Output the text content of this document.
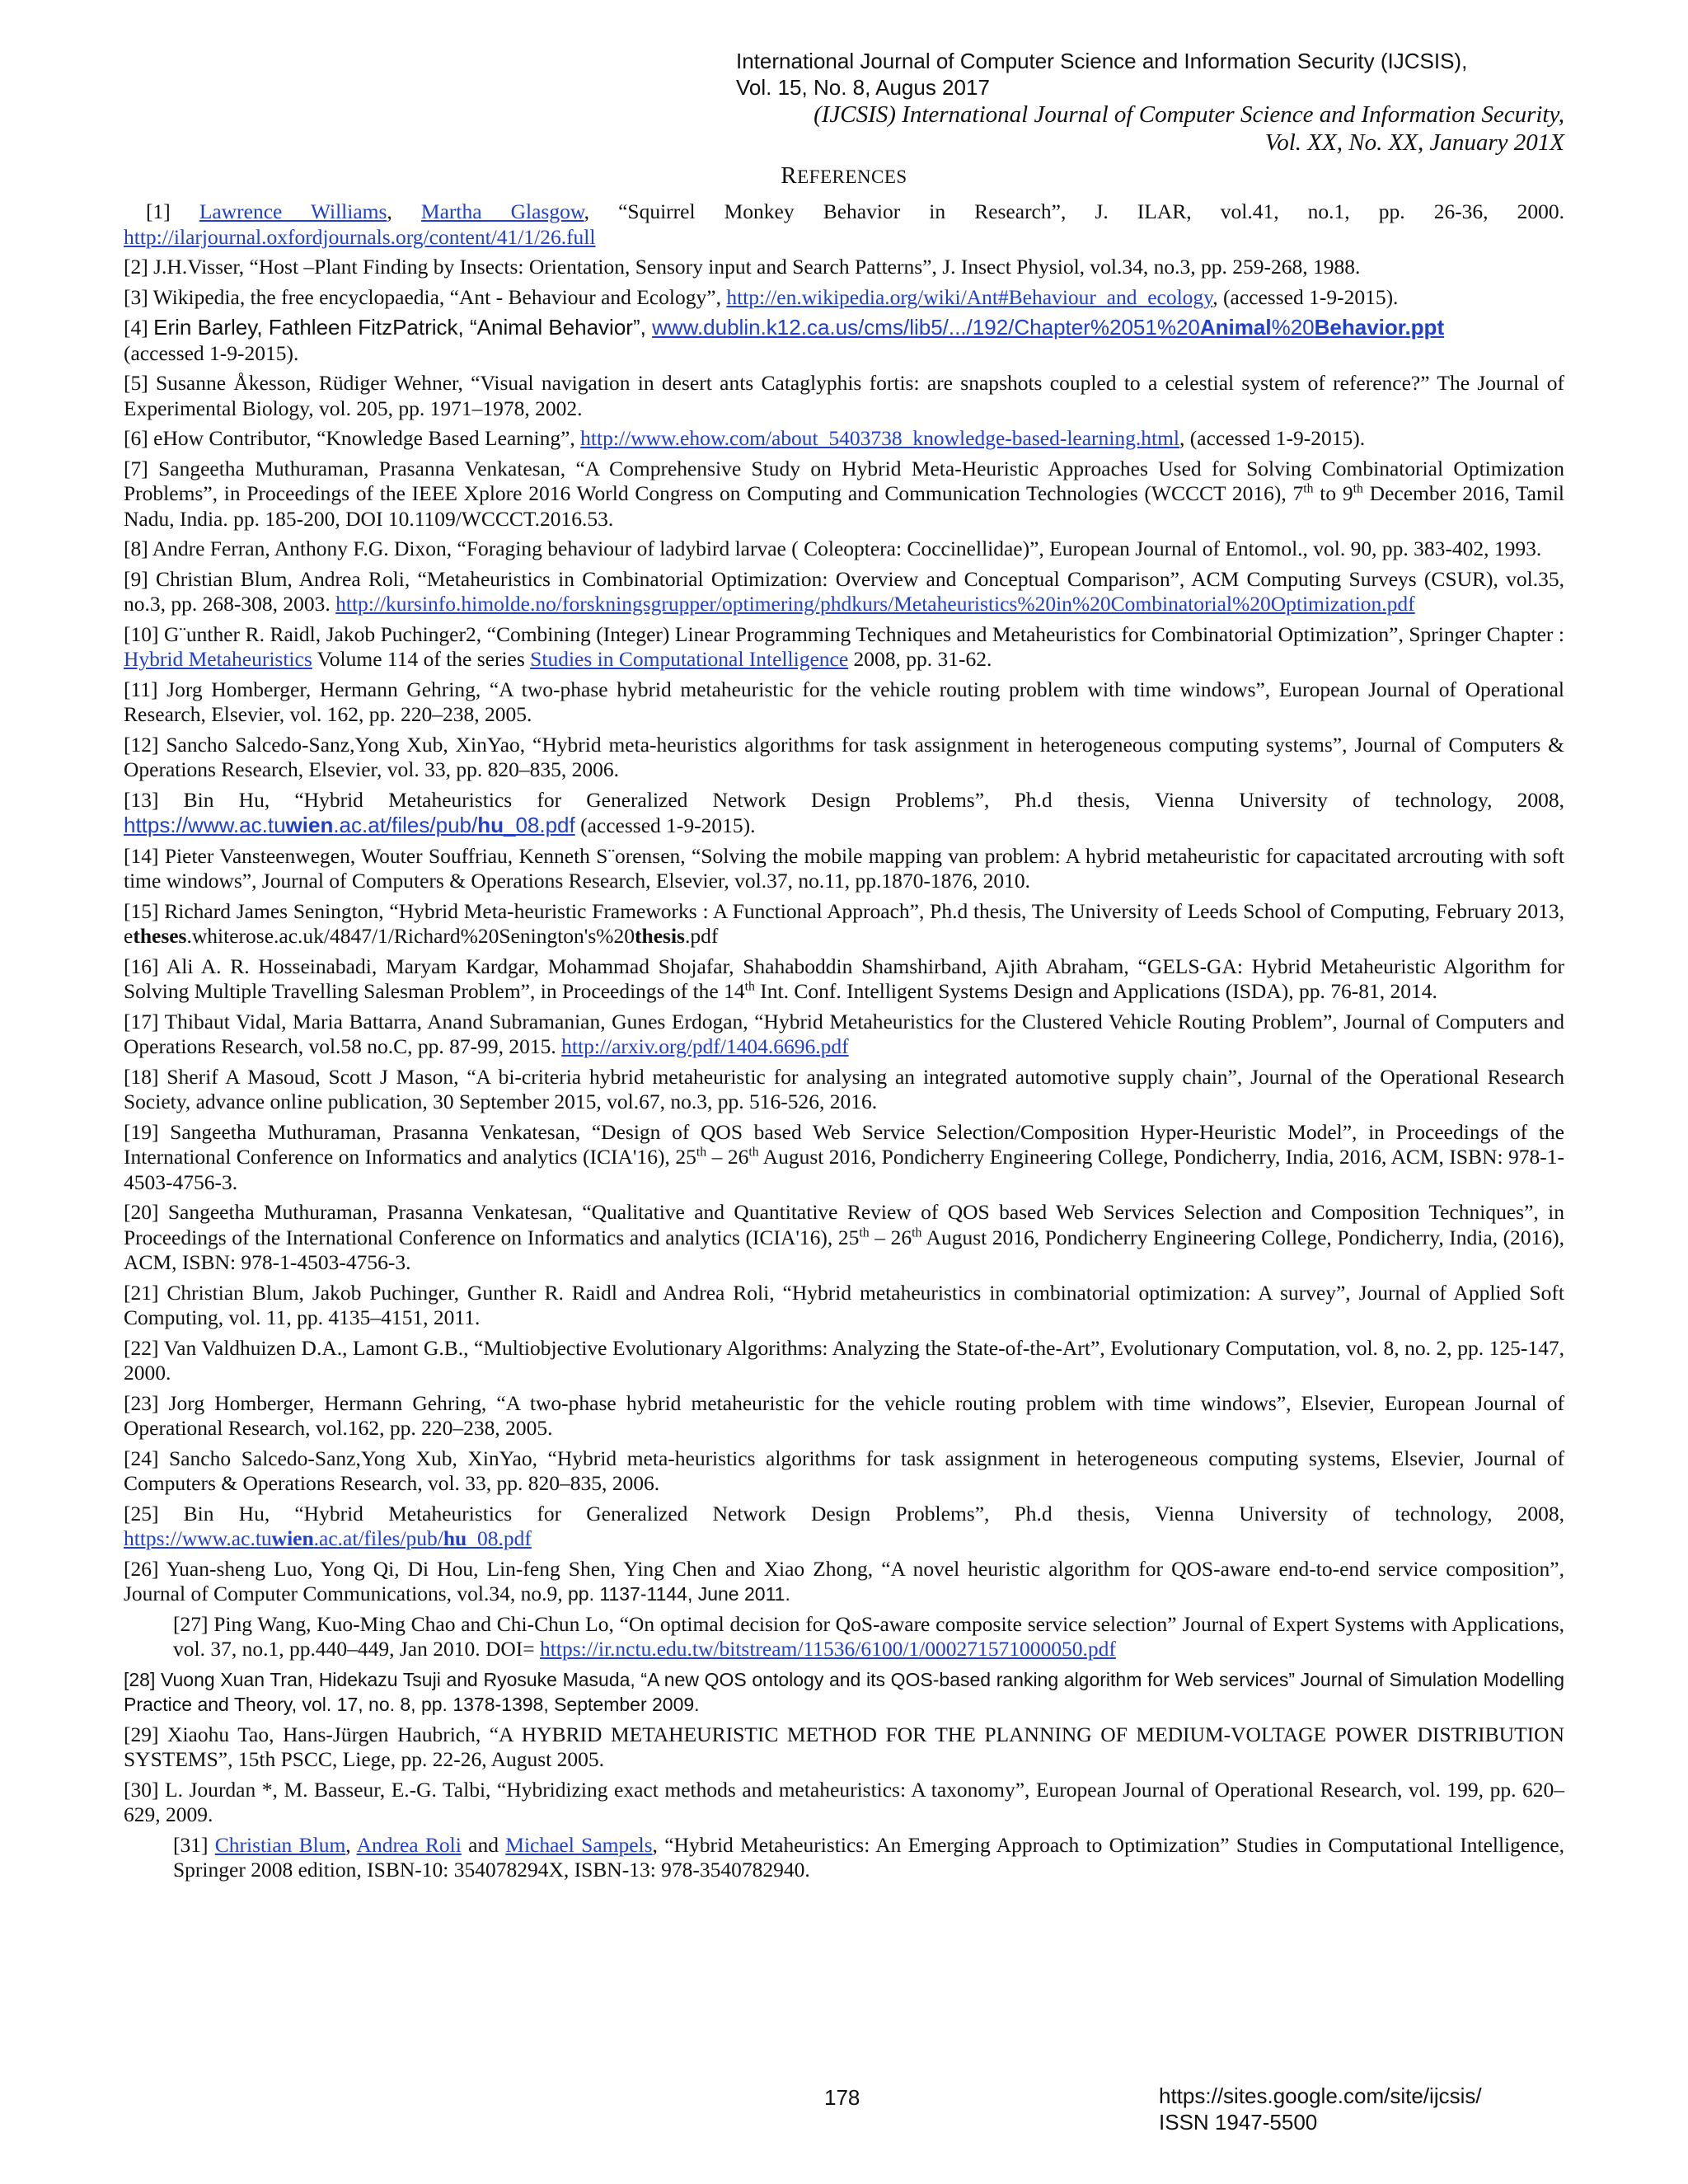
International Journal of Computer Science and Information Security (IJCSIS),
Vol. 15, No. 8, Augus 2017
(IJCSIS) International Journal of Computer Science and Information Security,
Vol. XX, No. XX, January 201X
REFERENCES
[1] Lawrence Williams, Martha Glasgow, “Squirrel Monkey Behavior in Research”, J. ILAR, vol.41, no.1, pp. 26-36, 2000. http://ilarjournal.oxfordjournals.org/content/41/1/26.full
[2] J.H.Visser, “Host –Plant Finding by Insects: Orientation, Sensory input and Search Patterns”, J. Insect Physiol, vol.34, no.3, pp. 259-268, 1988.
[3] Wikipedia, the free encyclopaedia, “Ant - Behaviour and Ecology”, http://en.wikipedia.org/wiki/Ant#Behaviour_and_ecology, (accessed 1-9-2015).
[4] Erin Barley, Fathleen FitzPatrick, “Animal Behavior”, www.dublin.k12.ca.us/cms/lib5/.../192/Chapter%2051%20Animal%20Behavior.ppt
(accessed 1-9-2015).
[5] Susanne Åkesson, Rüdiger Wehner, “Visual navigation in desert ants Cataglyphis fortis: are snapshots coupled to a celestial system of reference?” The Journal of Experimental Biology, vol. 205, pp. 1971–1978, 2002.
[6] eHow Contributor, “Knowledge Based Learning”, http://www.ehow.com/about_5403738_knowledge-based-learning.html, (accessed 1-9-2015).
[7] Sangeetha Muthuraman, Prasanna Venkatesan, “A Comprehensive Study on Hybrid Meta-Heuristic Approaches Used for Solving Combinatorial Optimization Problems”, in Proceedings of the IEEE Xplore 2016 World Congress on Computing and Communication Technologies (WCCCT 2016), 7th to 9th December 2016, Tamil Nadu, India. pp. 185-200, DOI 10.1109/WCCCT.2016.53.
[8] Andre Ferran, Anthony F.G. Dixon, “Foraging behaviour of ladybird larvae ( Coleoptera: Coccinellidae)”, European Journal of Entomol., vol. 90, pp. 383-402, 1993.
[9] Christian Blum, Andrea Roli, “Metaheuristics in Combinatorial Optimization: Overview and Conceptual Comparison”, ACM Computing Surveys (CSUR), vol.35, no.3, pp. 268-308, 2003. http://kursinfo.himolde.no/forskningsgrupper/optimering/phdkurs/Metaheuristics%20in%20Combinatorial%20Optimization.pdf
[10] G¨unther R. Raidl, Jakob Puchinger2, “Combining (Integer) Linear Programming Techniques and Metaheuristics for Combinatorial Optimization”, Springer Chapter : Hybrid Metaheuristics Volume 114 of the series Studies in Computational Intelligence 2008, pp. 31-62.
[11] Jorg Homberger, Hermann Gehring, “A two-phase hybrid metaheuristic for the vehicle routing problem with time windows”, European Journal of Operational Research, Elsevier, vol. 162, pp. 220–238, 2005.
[12] Sancho Salcedo-Sanz,Yong Xub, XinYao, “Hybrid meta-heuristics algorithms for task assignment in heterogeneous computing systems”, Journal of Computers & Operations Research, Elsevier, vol. 33, pp. 820–835, 2006.
[13] Bin Hu, “Hybrid Metaheuristics for Generalized Network Design Problems”, Ph.d thesis, Vienna University of technology, 2008, https://www.ac.tuwien.ac.at/files/pub/hu_08.pdf (accessed 1-9-2015).
[14] Pieter Vansteenwegen, Wouter Souffriau, Kenneth S¨orensen, “Solving the mobile mapping van problem: A hybrid metaheuristic for capacitated arcrouting with soft time windows”, Journal of Computers & Operations Research, Elsevier, vol.37, no.11, pp.1870-1876, 2010.
[15] Richard James Senington, “Hybrid Meta-heuristic Frameworks : A Functional Approach”, Ph.d thesis, The University of Leeds School of Computing, February 2013, etheses.whiterose.ac.uk/4847/1/Richard%20Senington's%20thesis.pdf
[16] Ali A. R. Hosseinabadi, Maryam Kardgar, Mohammad Shojafar, Shahaboddin Shamshirband, Ajith Abraham, “GELS-GA: Hybrid Metaheuristic Algorithm for Solving Multiple Travelling Salesman Problem”, in Proceedings of the 14th Int. Conf. Intelligent Systems Design and Applications (ISDA), pp. 76-81, 2014.
[17] Thibaut Vidal, Maria Battarra, Anand Subramanian, Gunes Erdogan, “Hybrid Metaheuristics for the Clustered Vehicle Routing Problem”, Journal of Computers and Operations Research, vol.58 no.C, pp. 87-99, 2015. http://arxiv.org/pdf/1404.6696.pdf
[18] Sherif A Masoud, Scott J Mason, “A bi-criteria hybrid metaheuristic for analysing an integrated automotive supply chain”, Journal of the Operational Research Society, advance online publication, 30 September 2015, vol.67, no.3, pp. 516-526, 2016.
[19] Sangeetha Muthuraman, Prasanna Venkatesan, “Design of QOS based Web Service Selection/Composition Hyper-Heuristic Model”, in Proceedings of the International Conference on Informatics and analytics (ICIA'16), 25th – 26th August 2016, Pondicherry Engineering College, Pondicherry, India, 2016, ACM, ISBN: 978-1-4503-4756-3.
[20] Sangeetha Muthuraman, Prasanna Venkatesan, “Qualitative and Quantitative Review of QOS based Web Services Selection and Composition Techniques”, in Proceedings of the International Conference on Informatics and analytics (ICIA'16), 25th – 26th August 2016, Pondicherry Engineering College, Pondicherry, India, (2016), ACM, ISBN: 978-1-4503-4756-3.
[21] Christian Blum, Jakob Puchinger, Gunther R. Raidl and Andrea Roli, “Hybrid metaheuristics in combinatorial optimization: A survey”, Journal of Applied Soft Computing, vol. 11, pp. 4135–4151, 2011.
[22] Van Valdhuizen D.A., Lamont G.B., “Multiobjective Evolutionary Algorithms: Analyzing the State-of-the-Art”, Evolutionary Computation, vol. 8, no. 2, pp. 125-147, 2000.
[23] Jorg Homberger, Hermann Gehring, “A two-phase hybrid metaheuristic for the vehicle routing problem with time windows”, Elsevier, European Journal of Operational Research, vol.162, pp. 220–238, 2005.
[24] Sancho Salcedo-Sanz,Yong Xub, XinYao, “Hybrid meta-heuristics algorithms for task assignment in heterogeneous computing systems, Elsevier, Journal of Computers & Operations Research, vol. 33, pp. 820–835, 2006.
[25] Bin Hu, “Hybrid Metaheuristics for Generalized Network Design Problems”, Ph.d thesis, Vienna University of technology, 2008, https://www.ac.tuwien.ac.at/files/pub/hu_08.pdf
[26] Yuan-sheng Luo, Yong Qi, Di Hou, Lin-feng Shen, Ying Chen and Xiao Zhong, “A novel heuristic algorithm for QOS-aware end-to-end service composition”, Journal of Computer Communications, vol.34, no.9, pp. 1137-1144, June 2011.
[27] Ping Wang, Kuo-Ming Chao and Chi-Chun Lo, “On optimal decision for QoS-aware composite service selection” Journal of Expert Systems with Applications, vol. 37, no.1, pp.440–449, Jan 2010. DOI= https://ir.nctu.edu.tw/bitstream/11536/6100/1/000271571000050.pdf
[28] Vuong Xuan Tran, Hidekazu Tsuji and Ryosuke Masuda, “A new QOS ontology and its QOS-based ranking algorithm for Web services” Journal of Simulation Modelling Practice and Theory, vol. 17, no. 8, pp. 1378-1398, September 2009.
[29] Xiaohu Tao, Hans-Jürgen Haubrich, “A HYBRID METAHEURISTIC METHOD FOR THE PLANNING OF MEDIUM-VOLTAGE POWER DISTRIBUTION SYSTEMS”, 15th PSCC, Liege, pp. 22-26, August 2005.
[30] L. Jourdan *, M. Basseur, E.-G. Talbi, “Hybridizing exact methods and metaheuristics: A taxonomy”, European Journal of Operational Research, vol. 199, pp. 620–629, 2009.
[31] Christian Blum, Andrea Roli and Michael Sampels, “Hybrid Metaheuristics: An Emerging Approach to Optimization” Studies in Computational Intelligence, Springer 2008 edition, ISBN-10: 354078294X, ISBN-13: 978-3540782940.
178	https://sites.google.com/site/ijcsis/
ISSN 1947-5500
